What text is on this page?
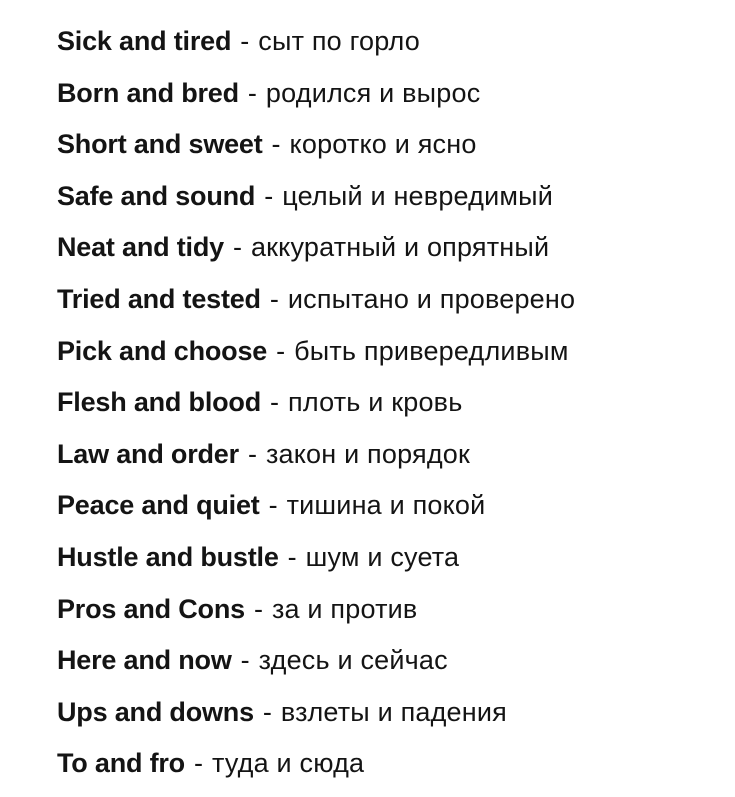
Sick and tired - сыт по горло
Born and bred - родился и вырос
Short and sweet - коротко и ясно
Safe and sound - целый и невредимый
Neat and tidy - аккуратный и опрятный
Tried and tested - испытано и проверено
Pick and choose - быть привередливым
Flesh and blood - плоть и кровь
Law and order - закон и порядок
Peace and quiet - тишина и покой
Hustle and bustle - шум и суета
Pros and Cons - за и против
Here and now - здесь и сейчас
Ups and downs - взлеты и падения
To and fro - туда и сюда
